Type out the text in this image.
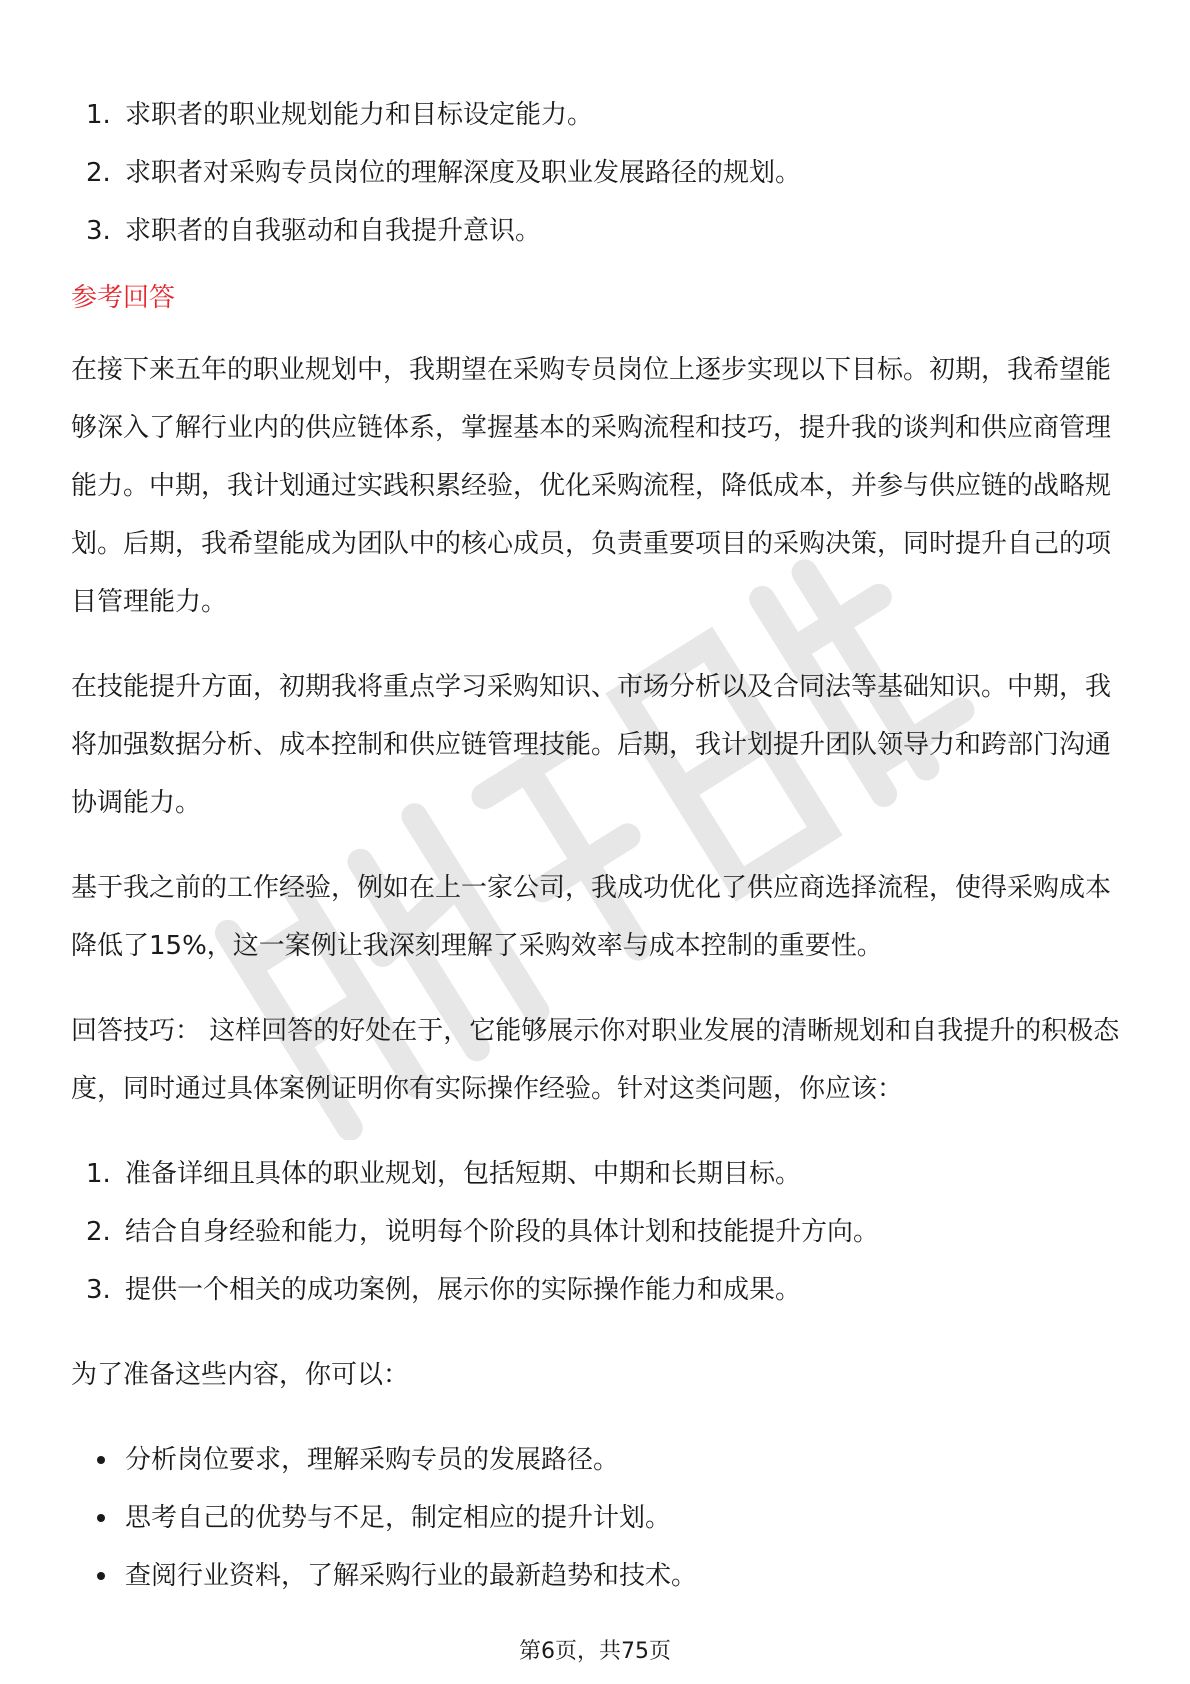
1. 求职者的职业规划能力和目标设定能力。
2. 求职者对采购专员岗位的理解深度及职业发展路径的规划。
3. 求职者的自我驱动和自我提升意识。
参考回答

在接下来五年的职业规划中，我期望在采购专员岗位上逐步实现以下目标。初期，我希望能够深入了解行业内的供应链体系，掌握基本的采购流程和技巧，提升我的谈判和供应商管理能力。中期，我计划通过实践积累经验，优化采购流程，降低成本，并参与供应链的战略规划。后期，我希望能成为团队中的核心成员，负责重要项目的采购决策，同时提升自己的项目管理能力。

在技能提升方面，初期我将重点学习采购知识、市场分析以及合同法等基础知识。中期，我将加强数据分析、成本控制和供应链管理技能。后期，我计划提升团队领导力和跨部门沟通协调能力。

基于我之前的工作经验，例如在上一家公司，我成功优化了供应商选择流程，使得采购成本降低了15%，这一案例让我深刻理解了采购效率与成本控制的重要性。

回答技巧： 这样回答的好处在于，它能够展示你对职业发展的清晰规划和自我提升的积极态度，同时通过具体案例证明你有实际操作经验。针对这类问题，你应该：

1. 准备详细且具体的职业规划，包括短期、中期和长期目标。
2. 结合自身经验和能力，说明每个阶段的具体计划和技能提升方向。
3. 提供一个相关的成功案例，展示你的实际操作能力和成果。

为了准备这些内容，你可以：

分析岗位要求，理解采购专员的发展路径。
思考自己的优势与不足，制定相应的提升计划。
查阅行业资料，了解采购行业的最新趋势和技术。
第6页，共75页
